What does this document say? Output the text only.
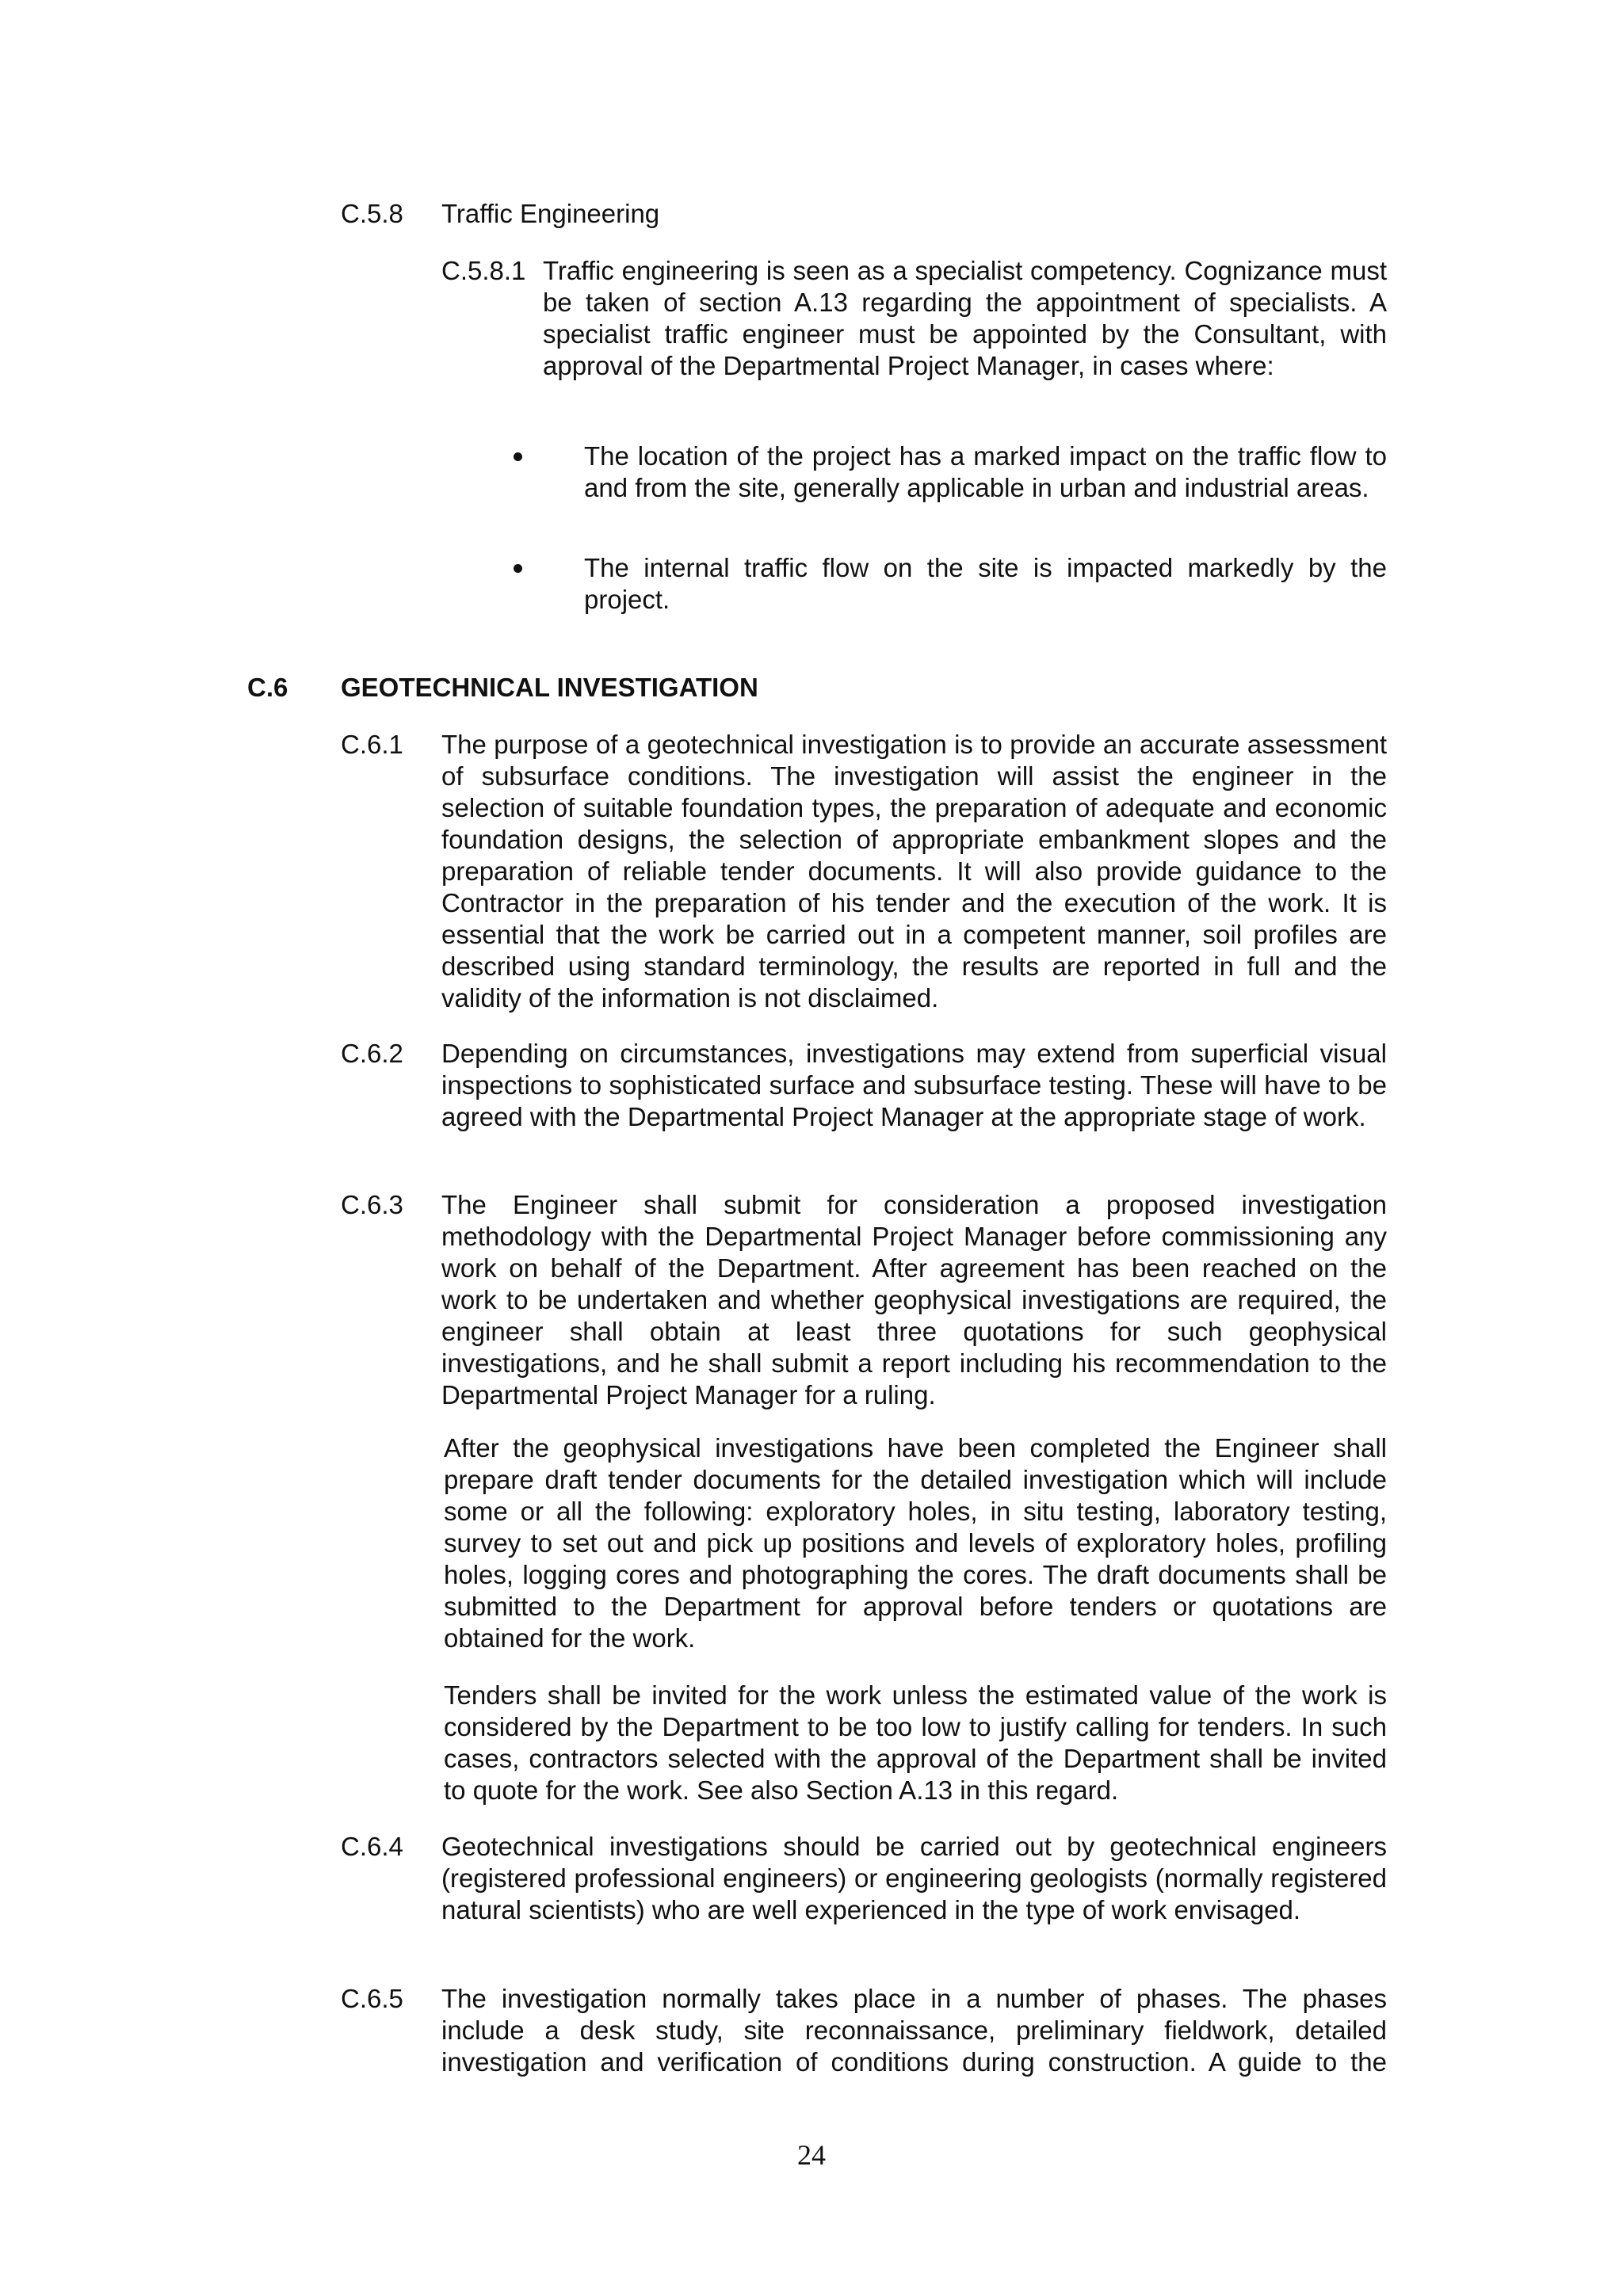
C.5.8 Traffic Engineering
C.5.8.1 Traffic engineering is seen as a specialist competency. Cognizance must be taken of section A.13 regarding the appointment of specialists. A specialist traffic engineer must be appointed by the Consultant, with approval of the Departmental Project Manager, in cases where:

The location of the project has a marked impact on the traffic flow to and from the site, generally applicable in urban and industrial areas.

The internal traffic flow on the site is impacted markedly by the project.

C.6 GEOTECHNICAL INVESTIGATION
C.6.1 The purpose of a geotechnical investigation is to provide an accurate assessment of subsurface conditions. The investigation will assist the engineer in the selection of suitable foundation types, the preparation of adequate and economic foundation designs, the selection of appropriate embankment slopes and the preparation of reliable tender documents. It will also provide guidance to the Contractor in the preparation of his tender and the execution of the work. It is essential that the work be carried out in a competent manner, soil profiles are described using standard terminology, the results are reported in full and the validity of the information is not disclaimed.

C.6.2 Depending on circumstances, investigations may extend from superficial visual inspections to sophisticated surface and subsurface testing. These will have to be agreed with the Departmental Project Manager at the appropriate stage of work.

C.6.3 The Engineer shall submit for consideration a proposed investigation methodology with the Departmental Project Manager before commissioning any work on behalf of the Department. After agreement has been reached on the work to be undertaken and whether geophysical investigations are required, the engineer shall obtain at least three quotations for such geophysical investigations, and he shall submit a report including his recommendation to the Departmental Project Manager for a ruling.

After the geophysical investigations have been completed the Engineer shall prepare draft tender documents for the detailed investigation which will include some or all the following: exploratory holes, in situ testing, laboratory testing, survey to set out and pick up positions and levels of exploratory holes, profiling holes, logging cores and photographing the cores. The draft documents shall be submitted to the Department for approval before tenders or quotations are obtained for the work.

Tenders shall be invited for the work unless the estimated value of the work is considered by the Department to be too low to justify calling for tenders. In such cases, contractors selected with the approval of the Department shall be invited to quote for the work. See also Section A.13 in this regard.

C.6.4 Geotechnical investigations should be carried out by geotechnical engineers (registered professional engineers) or engineering geologists (normally registered natural scientists) who are well experienced in the type of work envisaged.

C.6.5 The investigation normally takes place in a number of phases. The phases include a desk study, site reconnaissance, preliminary fieldwork, detailed investigation and verification of conditions during construction. A guide to the

24
